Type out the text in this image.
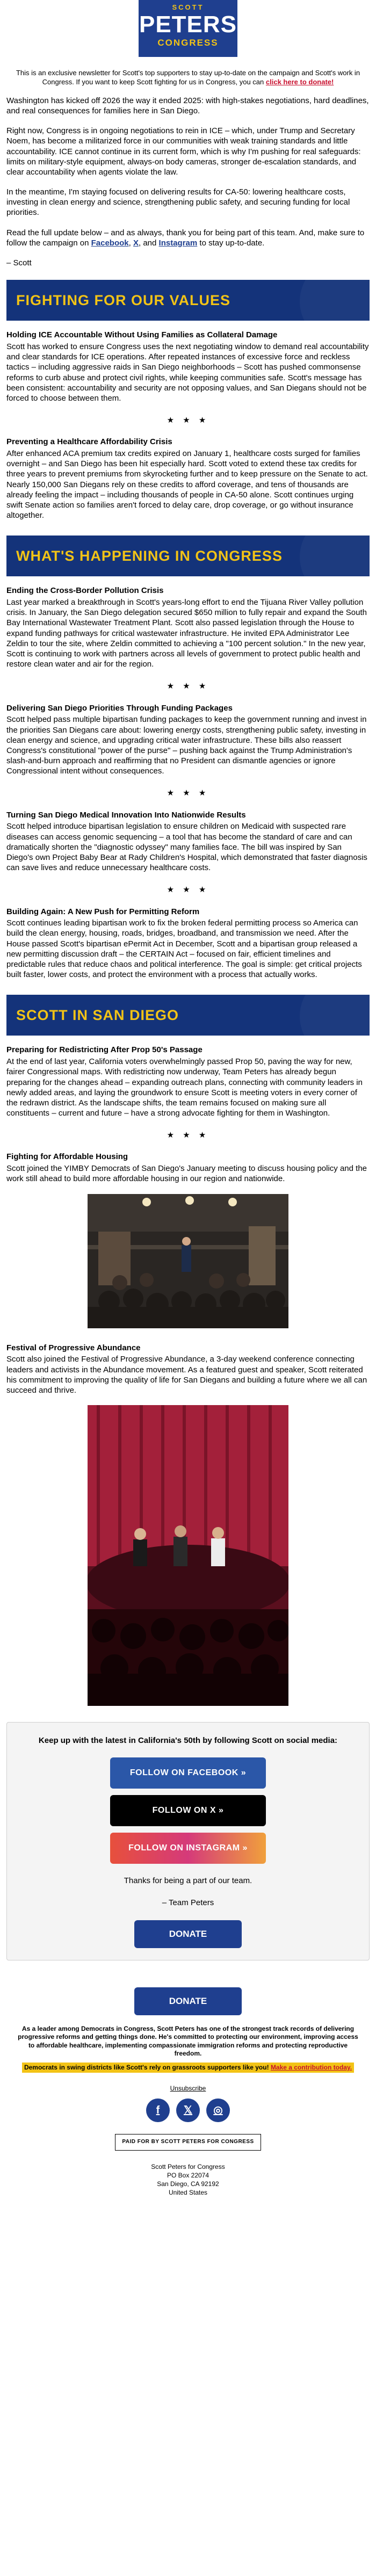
SCOTT
PETERS
CONGRESS

This is an exclusive newsletter for Scott's top supporters to stay up-to-date on the campaign and Scott's work in Congress. If you want to keep Scott fighting for us in Congress, you can click here to donate!

Washington has kicked off 2026 the way it ended 2025: with high-stakes negotiations, hard deadlines, and real consequences for families here in San Diego.

Right now, Congress is in ongoing negotiations to rein in ICE – which, under Trump and Secretary Noem, has become a militarized force in our communities with weak training standards and little accountability. ICE cannot continue in its current form, which is why I'm pushing for real safeguards: limits on military-style equipment, always-on body cameras, stronger de-escalation standards, and clear accountability when agents violate the law.

In the meantime, I'm staying focused on delivering results for CA-50: lowering healthcare costs, investing in clean energy and science, strengthening public safety, and securing funding for local priorities.

Read the full update below – and as always, thank you for being part of this team. And, make sure to follow the campaign on Facebook, X, and Instagram to stay up-to-date.

– Scott

FIGHTING FOR OUR VALUES
Holding ICE Accountable Without Using Families as Collateral Damage

Scott has worked to ensure Congress uses the next negotiating window to demand real accountability and clear standards for ICE operations. After repeated instances of excessive force and reckless tactics – including aggressive raids in San Diego neighborhoods – Scott has pushed commonsense reforms to curb abuse and protect civil rights, while keeping communities safe. Scott's message has been consistent: accountability and security are not opposing values, and San Diegans should not be forced to choose between them.

★ ★ ★
Preventing a Healthcare Affordability Crisis

After enhanced ACA premium tax credits expired on January 1, healthcare costs surged for families overnight – and San Diego has been hit especially hard. Scott voted to extend these tax credits for three years to prevent premiums from skyrocketing further and to keep pressure on the Senate to act. Nearly 150,000 San Diegans rely on these credits to afford coverage, and tens of thousands are already feeling the impact – including thousands of people in CA-50 alone. Scott continues urging swift Senate action so families aren't forced to delay care, drop coverage, or go without insurance altogether.

WHAT'S HAPPENING IN CONGRESS
Ending the Cross-Border Pollution Crisis

Last year marked a breakthrough in Scott's years-long effort to end the Tijuana River Valley pollution crisis. In January, the San Diego delegation secured $650 million to fully repair and expand the South Bay International Wastewater Treatment Plant. Scott also passed legislation through the House to expand funding pathways for critical wastewater infrastructure. He invited EPA Administrator Lee Zeldin to tour the site, where Zeldin committed to achieving a "100 percent solution." In the new year, Scott is continuing to work with partners across all levels of government to protect public health and restore clean water and air for the region.

★ ★ ★
Delivering San Diego Priorities Through Funding Packages

Scott helped pass multiple bipartisan funding packages to keep the government running and invest in the priorities San Diegans care about: lowering energy costs, strengthening public safety, investing in clean energy and science, and upgrading critical water infrastructure. These bills also reassert Congress's constitutional "power of the purse" – pushing back against the Trump Administration's slash-and-burn approach and reaffirming that no President can dismantle agencies or ignore Congressional intent without consequences.

★ ★ ★
Turning San Diego Medical Innovation Into Nationwide Results

Scott helped introduce bipartisan legislation to ensure children on Medicaid with suspected rare diseases can access genomic sequencing – a tool that has become the standard of care and can dramatically shorten the "diagnostic odyssey" many families face. The bill was inspired by San Diego's own Project Baby Bear at Rady Children's Hospital, which demonstrated that faster diagnosis can save lives and reduce unnecessary healthcare costs.

★ ★ ★
Building Again: A New Push for Permitting Reform

Scott continues leading bipartisan work to fix the broken federal permitting process so America can build the clean energy, housing, roads, bridges, broadband, and transmission we need. After the House passed Scott's bipartisan ePermit Act in December, Scott and a bipartisan group released a new permitting discussion draft – the CERTAIN Act – focused on fair, efficient timelines and predictable rules that reduce chaos and political interference. The goal is simple: get critical projects built faster, lower costs, and protect the environment with a process that actually works.

SCOTT IN SAN DIEGO
Preparing for Redistricting After Prop 50's Passage

At the end of last year, California voters overwhelmingly passed Prop 50, paving the way for new, fairer Congressional maps. With redistricting now underway, Team Peters has already begun preparing for the changes ahead – expanding outreach plans, connecting with community leaders in newly added areas, and laying the groundwork to ensure Scott is meeting voters in every corner of the redrawn district. As the landscape shifts, the team remains focused on making sure all constituents – current and future – have a strong advocate fighting for them in Washington.

★ ★ ★
Fighting for Affordable Housing

Scott joined the YIMBY Democrats of San Diego's January meeting to discuss housing policy and the work still ahead to build more affordable housing in our region and nationwide.

Festival of Progressive Abundance

Scott also joined the Festival of Progressive Abundance, a 3-day weekend conference connecting leaders and activists in the Abundance movement. As a featured guest and speaker, Scott reiterated his commitment to improving the quality of life for San Diegans and building a future where we all can succeed and thrive.

Keep up with the latest in California's 50th by following Scott on social media:
FOLLOW ON FACEBOOK »
FOLLOW ON X »
FOLLOW ON INSTAGRAM »
Thanks for being a part of our team.
– Team Peters
DONATE
DONATE

As a leader among Democrats in Congress, Scott Peters has one of the strongest track records of delivering progressive reforms and getting things done. He's committed to protecting our environment, improving access to affordable healthcare, implementing compassionate immigration reforms and protecting reproductive freedom.

Democrats in swing districts like Scott's rely on grassroots supporters like you! Make a contribution today.
Unsubscribe
f	𝕏	◎
PAID FOR BY SCOTT PETERS FOR CONGRESS
Scott Peters for Congress
PO Box 22074
San Diego, CA 92192
United States
